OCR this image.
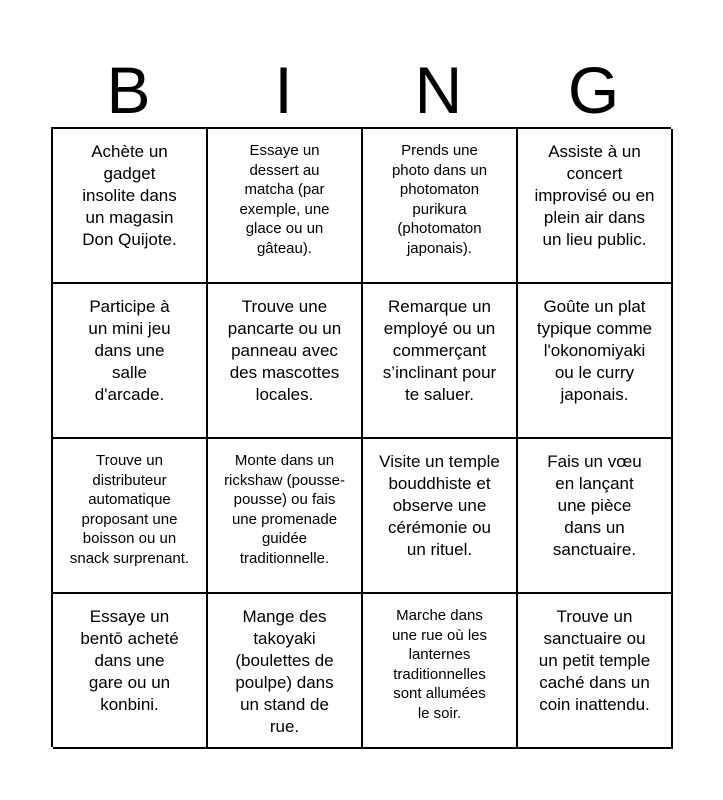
B	I	N	G
Achète un
gadget
insolite dans
un magasin
Don Quijote.
Essaye un
dessert au
matcha (par
exemple, une
glace ou un
gâteau).
Prends une
photo dans un
photomaton
purikura
(photomaton
japonais).
Assiste à un
concert
improvisé ou en
plein air dans
un lieu public.
Participe à
un mini jeu
dans une
salle
d'arcade.
Trouve une
pancarte ou un
panneau avec
des mascottes
locales.
Remarque un
employé ou un
commerçant
s’inclinant pour
te saluer.
Goûte un plat
typique comme
l'okonomiyaki
ou le curry
japonais.
Trouve un
distributeur
automatique
proposant une
boisson ou un
snack surprenant.
Monte dans un
rickshaw (pousse-
pousse) ou fais
une promenade
guidée
traditionnelle.
Visite un temple
bouddhiste et
observe une
cérémonie ou
un rituel.
Fais un vœu
en lançant
une pièce
dans un
sanctuaire.
Essaye un
bentō acheté
dans une
gare ou un
konbini.
Mange des
takoyaki
(boulettes de
poulpe) dans
un stand de
rue.
Marche dans
une rue où les
lanternes
traditionnelles
sont allumées
le soir.
Trouve un
sanctuaire ou
un petit temple
caché dans un
coin inattendu.
